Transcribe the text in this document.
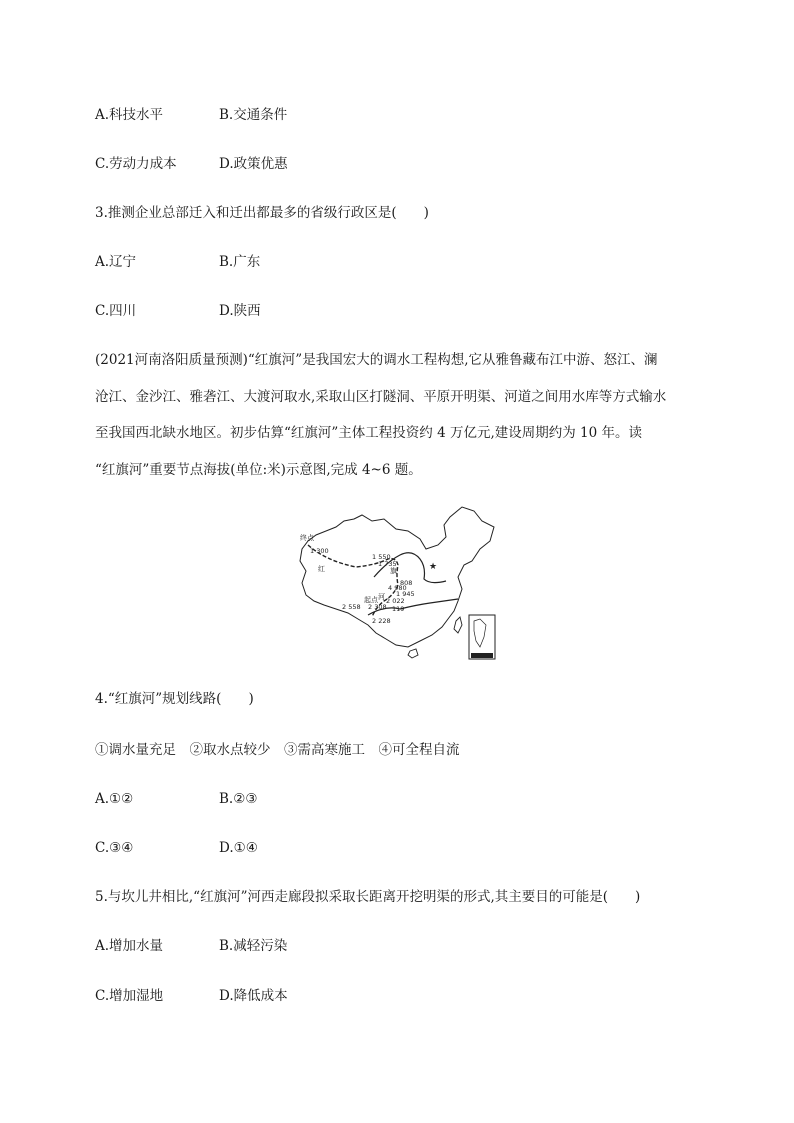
A.科技水平	B.交通条件
C.劳动力成本	D.政策优惠
3.推测企业总部迁入和迁出都最多的省级行政区是(　　)
A.辽宁	B.广东
C.四川	D.陕西
(2021河南洛阳质量预测)“红旗河”是我国宏大的调水工程构想,它从雅鲁藏布江中游、怒江、澜
沧江、金沙江、雅砻江、大渡河取水,采取山区打隧洞、平原开明渠、河道之间用水库等方式输水
至我国西北缺水地区。初步估算“红旗河”主体工程投资约 4 万亿元,建设周期约为 10 年。读
“红旗河”重要节点海拔(单位:米)示意图,完成 4~6 题。
★
终点
1 300
1 550
1 735
808
4 980
1 945
2 022
起点
2 558 2 308 119
2 228
红	旗
河
4.“红旗河”规划线路(　　)
①调水量充足　②取水点较少　③需高寒施工　④可全程自流
A.①②	B.②③
C.③④	D.①④
5.与坎儿井相比,“红旗河”河西走廊段拟采取长距离开挖明渠的形式,其主要目的可能是(　　)
A.增加水量	B.减轻污染
C.增加湿地	D.降低成本
